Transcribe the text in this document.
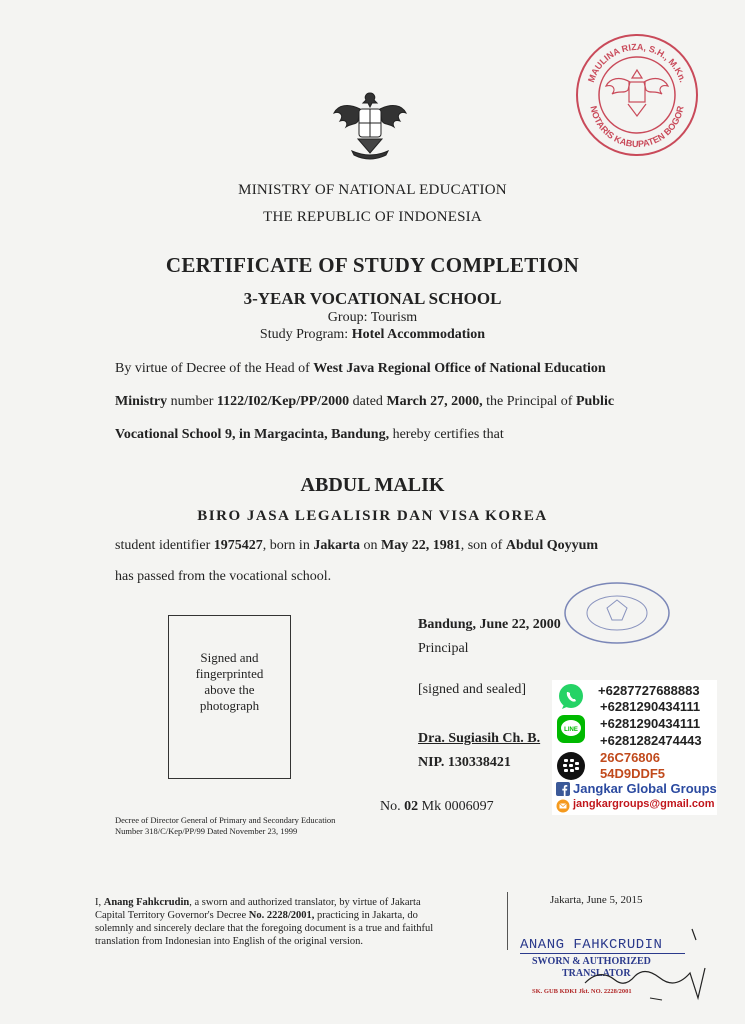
MAULINA RIZA, S.H., M.Kn.
NOTARIS KABUPATEN BOGOR
MINISTRY OF NATIONAL EDUCATION
THE REPUBLIC OF INDONESIA
CERTIFICATE OF STUDY COMPLETION
3-YEAR VOCATIONAL SCHOOL
Group: Tourism
Study Program: Hotel Accommodation
By virtue of Decree of the Head of West Java Regional Office of National Education
Ministry number 1122/I02/Kep/PP/2000 dated March 27, 2000, the Principal of Public
Vocational School 9, in Margacinta, Bandung, hereby certifies that
ABDUL MALIK
BIRO JASA LEGALISIR DAN VISA KOREA
student identifier 1975427, born in Jakarta on May 22, 1981, son of Abdul Qoyyum
has passed from the vocational school.
Signed and
fingerprinted
above the
photograph
Bandung, June 22, 2000
Principal
[signed and sealed]
Dra. Sugiasih Ch. B.
NIP. 130338421
No. 02 Mk 0006097
Decree of Director General of Primary and Secondary Education
Number 318/C/Kep/PP/99 Dated November 23, 1999
+6287727688883
+6281290434111
LINE +6281290434111
+6281282474443
26C76806
54D9DDF5
Jangkar Global Groups
jangkargroups@gmail.com
I, Anang Fahkcrudin, a sworn and authorized translator, by virtue of Jakarta
Capital Territory Governor's Decree No. 2228/2001, practicing in Jakarta, do
solemnly and sincerely declare that the foregoing document is a true and faithful
translation from Indonesian into English of the original version.
Jakarta, June 5, 2015
ANANG FAHKCRUDIN
SWORN & AUTHORIZED
TRANSLATOR
SK. GUB KDKI Jkt. NO. 2228/2001
